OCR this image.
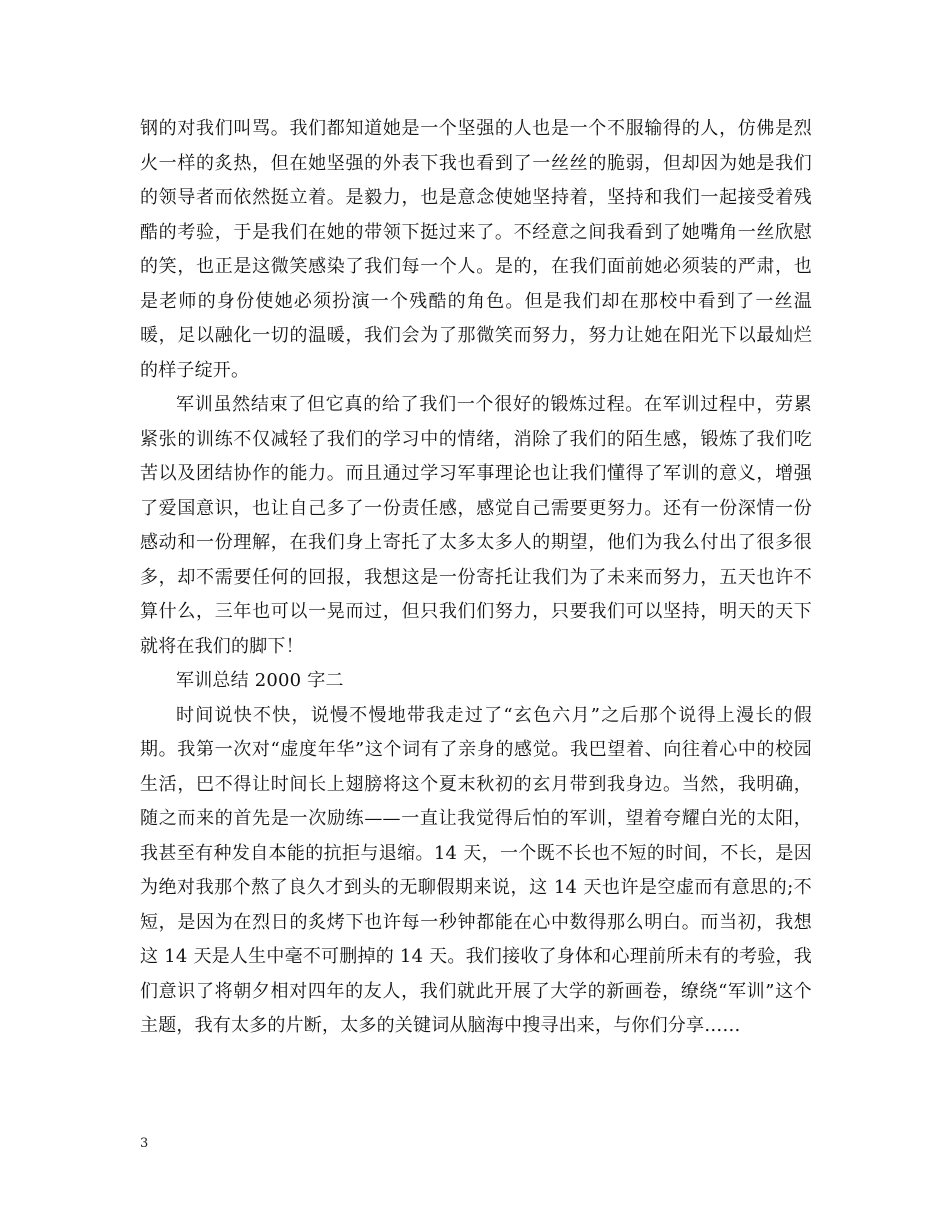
钢的对我们叫骂。我们都知道她是一个坚强的人也是一个不服输得的人，仿佛是烈火一样的炙热，但在她坚强的外表下我也看到了一丝丝的脆弱，但却因为她是我们的领导者而依然挺立着。是毅力，也是意念使她坚持着，坚持和我们一起接受着残酷的考验，于是我们在她的带领下挺过来了。不经意之间我看到了她嘴角一丝欣慰的笑，也正是这微笑感染了我们每一个人。是的，在我们面前她必须装的严肃，也是老师的身份使她必须扮演一个残酷的角色。但是我们却在那校中看到了一丝温暖，足以融化一切的温暖，我们会为了那微笑而努力，努力让她在阳光下以最灿烂的样子绽开。

军训虽然结束了但它真的给了我们一个很好的锻炼过程。在军训过程中，劳累紧张的训练不仅减轻了我们的学习中的情绪，消除了我们的陌生感，锻炼了我们吃苦以及团结协作的能力。而且通过学习军事理论也让我们懂得了军训的意义，增强了爱国意识，也让自己多了一份责任感，感觉自己需要更努力。还有一份深情一份感动和一份理解，在我们身上寄托了太多太多人的期望，他们为我么付出了很多很多，却不需要任何的回报，我想这是一份寄托让我们为了未来而努力，五天也许不算什么，三年也可以一晃而过，但只我们们努力，只要我们可以坚持，明天的天下就将在我们的脚下！

军训总结 2000 字二

时间说快不快，说慢不慢地带我走过了“玄色六月”之后那个说得上漫长的假期。我第一次对“虚度年华”这个词有了亲身的感觉。我巴望着、向往着心中的校园生活，巴不得让时间长上翅膀将这个夏末秋初的玄月带到我身边。当然，我明确，随之而来的首先是一次励练——一直让我觉得后怕的军训，望着夸耀白光的太阳，我甚至有种发自本能的抗拒与退缩。14 天，一个既不长也不短的时间，不长，是因为绝对我那个熬了良久才到头的无聊假期来说，这 14 天也许是空虚而有意思的;不短，是因为在烈日的炙烤下也许每一秒钟都能在心中数得那么明白。而当初，我想这 14 天是人生中毫不可删掉的 14 天。我们接收了身体和心理前所未有的考验，我们意识了将朝夕相对四年的友人，我们就此开展了大学的新画卷，缭绕“军训”这个主题，我有太多的片断，太多的关键词从脑海中搜寻出来，与你们分享……

3
